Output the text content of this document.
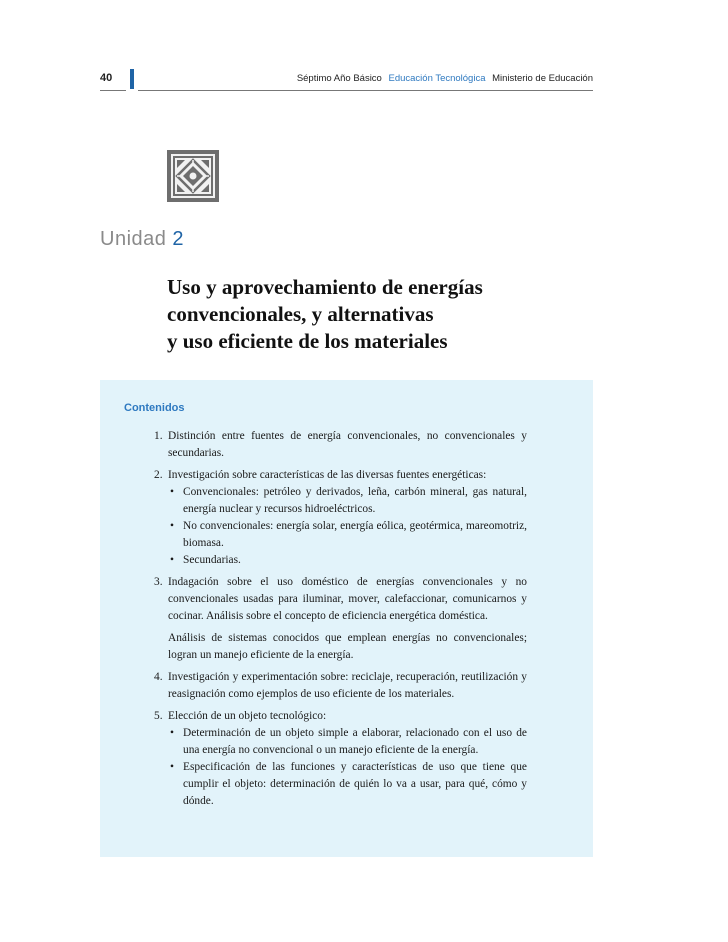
40	Séptimo Año Básico Educación Tecnológica Ministerio de Educación
Unidad 2
Uso y aprovechamiento de energías
convencionales, y alternativas
y uso eficiente de los materiales
Contenidos
1. Distinción entre fuentes de energía convencionales, no convencionales y secundarias.

2. Investigación sobre características de las diversas fuentes energéticas:

• Convencionales: petróleo y derivados, leña, carbón mineral, gas natural, energía nuclear y recursos hidroeléctricos.
• No convencionales: energía solar, energía eólica, geotérmica, mareomotriz, biomasa.
• Secundarias.
3. Indagación sobre el uso doméstico de energías convencionales y no convencionales usadas para iluminar, mover, calefaccionar, comunicarnos y cocinar. Análisis sobre el concepto de eficiencia energética doméstica.

Análisis de sistemas conocidos que emplean energías no convencionales; logran un manejo eficiente de la energía.

4. Investigación y experimentación sobre: reciclaje, recuperación, reutilización y reasignación como ejemplos de uso eficiente de los materiales.

5. Elección de un objeto tecnológico:

• Determinación de un objeto simple a elaborar, relacionado con el uso de una energía no convencional o un manejo eficiente de la energía.
• Especificación de las funciones y características de uso que tiene que cumplir el objeto: determinación de quién lo va a usar, para qué, cómo y dónde.
